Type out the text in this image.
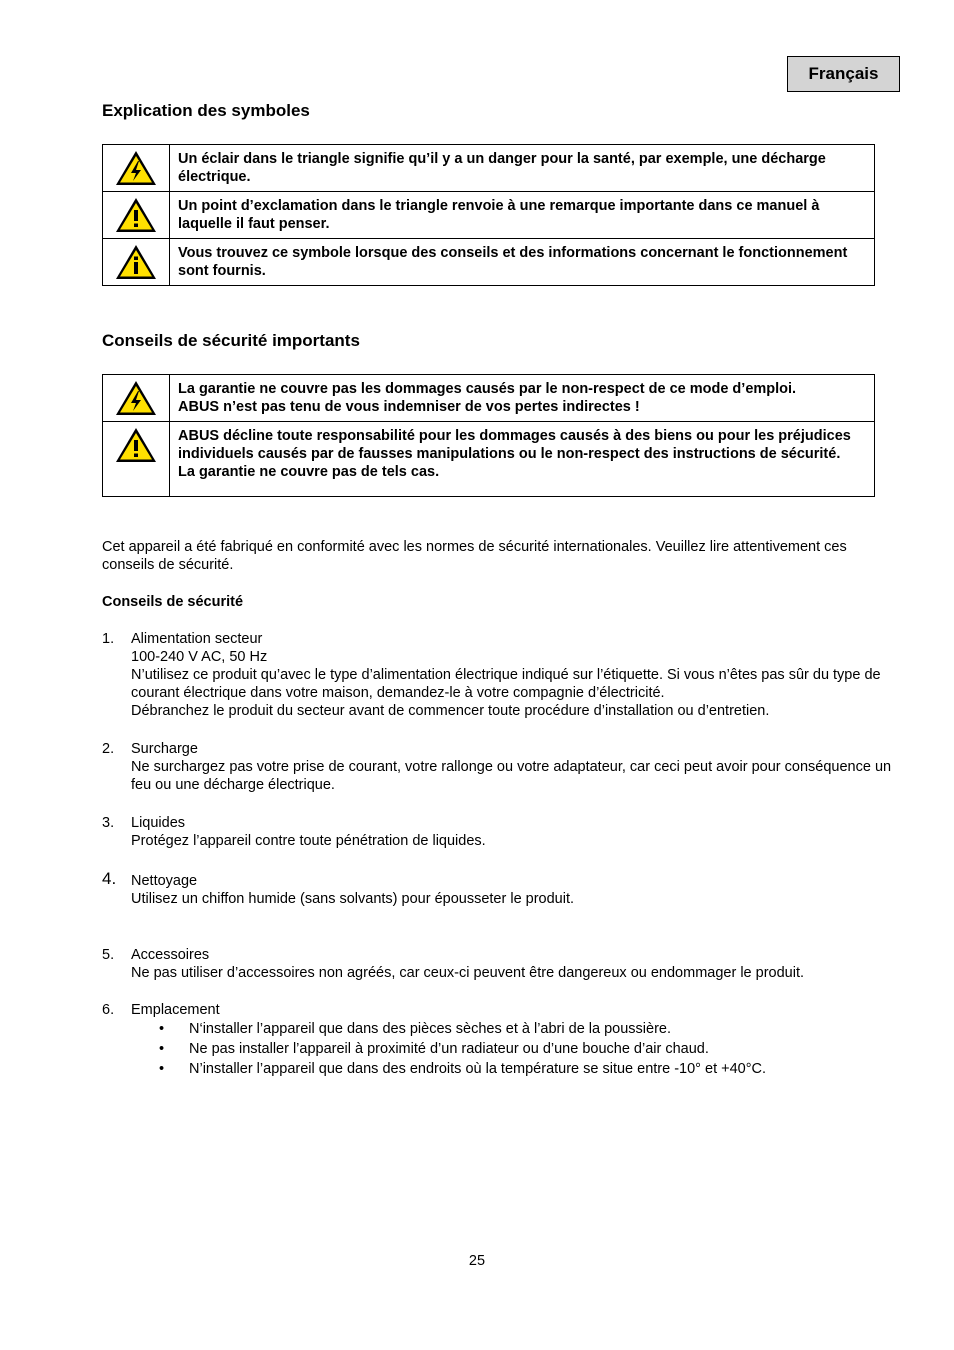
Français
Explication des symboles
	Un éclair dans le triangle signifie qu’il y a un danger pour la santé, par exemple, une décharge électrique.

	Un point d’exclamation dans le triangle renvoie à une remarque importante dans ce manuel à laquelle il faut penser.

	Vous trouvez ce symbole lorsque des conseils et des informations concernant le fonctionnement sont fournis.
Conseils de sécurité importants

La garantie ne couvre pas les dommages causés par le non-respect de ce mode d’emploi.
ABUS n’est pas tenu de vous indemniser de vos pertes indirectes !

ABUS décline toute responsabilité pour les dommages causés à des biens ou pour les préjudices individuels causés par de fausses manipulations ou le non-respect des instructions de sécurité.
La garantie ne couvre pas de tels cas.
Cet appareil a été fabriqué en conformité avec les normes de sécurité internationales. Veuillez lire attentivement ces conseils de sécurité.
Conseils de sécurité
1. Alimentation secteur
100-240 V AC, 50 Hz
N’utilisez ce produit qu’avec le type d’alimentation électrique indiqué sur l’étiquette. Si vous n’êtes pas sûr du type de courant électrique dans votre maison, demandez-le à votre compagnie d’électricité.
Débranchez le produit du secteur avant de commencer toute procédure d’installation ou d’entretien.
2. Surcharge
Ne surchargez pas votre prise de courant, votre rallonge ou votre adaptateur, car ceci peut avoir pour conséquence un feu ou une décharge électrique.
3. Liquides
Protégez l’appareil contre toute pénétration de liquides.
4. Nettoyage
Utilisez un chiffon humide (sans solvants) pour épousseter le produit.
5. Accessoires
Ne pas utiliser d’accessoires non agréés, car ceux-ci peuvent être dangereux ou endommager le produit.
6. Emplacement
• N‘installer l’appareil que dans des pièces sèches et à l’abri de la poussière.
• Ne pas installer l’appareil à proximité d’un radiateur ou d’une bouche d’air chaud.
• N’installer l’appareil que dans des endroits où la température se situe entre -10° et +40°C.
25
